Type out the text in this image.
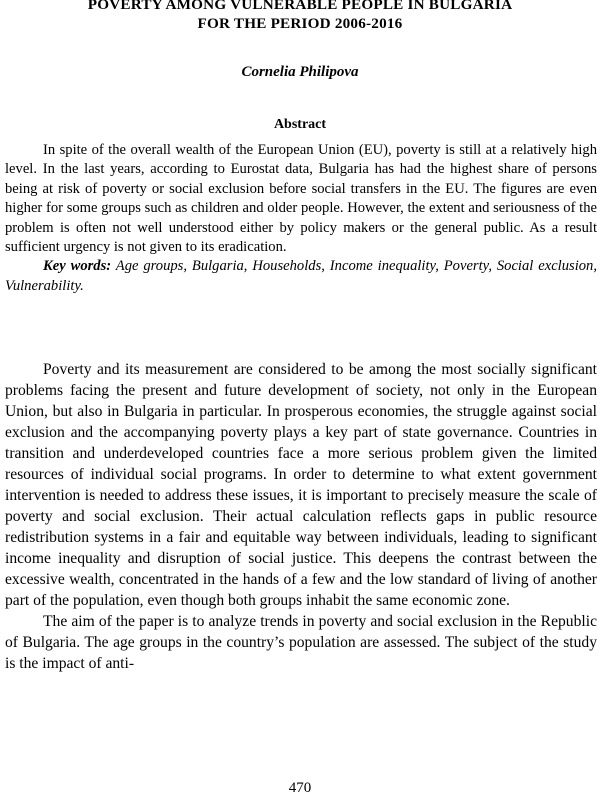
POVERTY AMONG VULNERABLE PEOPLE IN BULGARIA
FOR THE PERIOD 2006-2016
Cornelia Philipova
Abstract

In spite of the overall wealth of the European Union (EU), poverty is still at a relatively high level. In the last years, according to Eurostat data, Bulgaria has had the highest share of persons being at risk of poverty or social exclusion before social transfers in the EU. The figures are even higher for some groups such as children and older people. However, the extent and seriousness of the problem is often not well understood either by policy makers or the general public. As a result sufficient urgency is not given to its eradication.

Key words: Age groups, Bulgaria, Households, Income inequality, Poverty, Social exclusion, Vulnerability.

Poverty and its measurement are considered to be among the most socially significant problems facing the present and future development of society, not only in the European Union, but also in Bulgaria in particular. In prosperous economies, the struggle against social exclusion and the accompanying poverty plays a key part of state governance. Countries in transition and underdeveloped countries face a more serious problem given the limited resources of individual social programs. In order to determine to what extent government intervention is needed to address these issues, it is important to precisely measure the scale of poverty and social exclusion. Their actual calculation reflects gaps in public resource redistribution systems in a fair and equitable way between individuals, leading to significant income inequality and disruption of social justice. This deepens the contrast between the excessive wealth, concentrated in the hands of a few and the low standard of living of another part of the population, even though both groups inhabit the same economic zone.

The aim of the paper is to analyze trends in poverty and social exclusion in the Republic of Bulgaria. The age groups in the country’s population are assessed. The subject of the study is the impact of anti-

470
